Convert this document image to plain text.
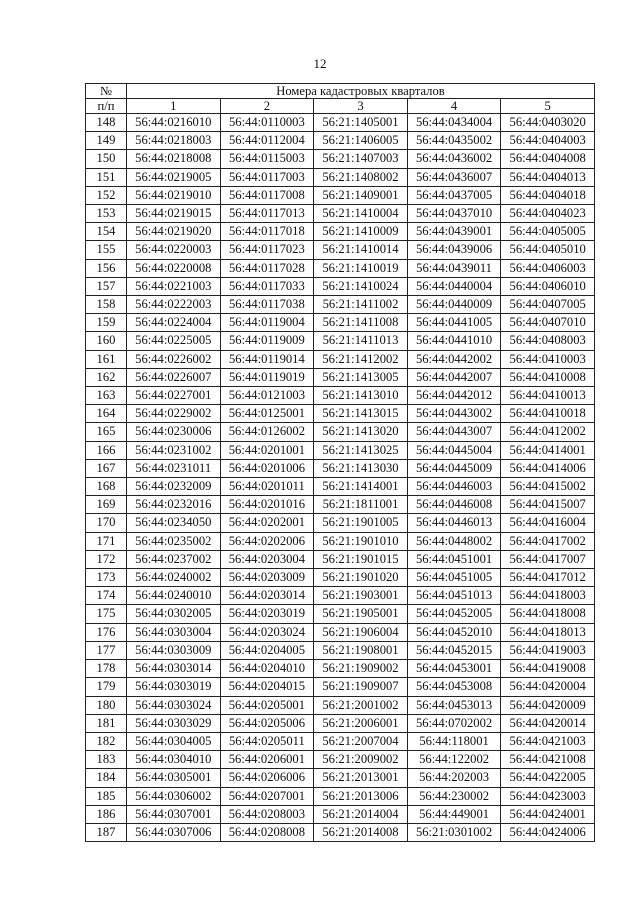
12
№	Номера кадастровых кварталов				
п/п	1	2	3	4	5
148	56:44:0216010	56:44:0110003	56:21:1405001	56:44:0434004	56:44:0403020
149	56:44:0218003	56:44:0112004	56:21:1406005	56:44:0435002	56:44:0404003
150	56:44:0218008	56:44:0115003	56:21:1407003	56:44:0436002	56:44:0404008
151	56:44:0219005	56:44:0117003	56:21:1408002	56:44:0436007	56:44:0404013
152	56:44:0219010	56:44:0117008	56:21:1409001	56:44:0437005	56:44:0404018
153	56:44:0219015	56:44:0117013	56:21:1410004	56:44:0437010	56:44:0404023
154	56:44:0219020	56:44:0117018	56:21:1410009	56:44:0439001	56:44:0405005
155	56:44:0220003	56:44:0117023	56:21:1410014	56:44:0439006	56:44:0405010
156	56:44:0220008	56:44:0117028	56:21:1410019	56:44:0439011	56:44:0406003
157	56:44:0221003	56:44:0117033	56:21:1410024	56:44:0440004	56:44:0406010
158	56:44:0222003	56:44:0117038	56:21:1411002	56:44:0440009	56:44:0407005
159	56:44:0224004	56:44:0119004	56:21:1411008	56:44:0441005	56:44:0407010
160	56:44:0225005	56:44:0119009	56:21:1411013	56:44:0441010	56:44:0408003
161	56:44:0226002	56:44:0119014	56:21:1412002	56:44:0442002	56:44:0410003
162	56:44:0226007	56:44:0119019	56:21:1413005	56:44:0442007	56:44:0410008
163	56:44:0227001	56:44:0121003	56:21:1413010	56:44:0442012	56:44:0410013
164	56:44:0229002	56:44:0125001	56:21:1413015	56:44:0443002	56:44:0410018
165	56:44:0230006	56:44:0126002	56:21:1413020	56:44:0443007	56:44:0412002
166	56:44:0231002	56:44:0201001	56:21:1413025	56:44:0445004	56:44:0414001
167	56:44:0231011	56:44:0201006	56:21:1413030	56:44:0445009	56:44:0414006
168	56:44:0232009	56:44:0201011	56:21:1414001	56:44:0446003	56:44:0415002
169	56:44:0232016	56:44:0201016	56:21:1811001	56:44:0446008	56:44:0415007
170	56:44:0234050	56:44:0202001	56:21:1901005	56:44:0446013	56:44:0416004
171	56:44:0235002	56:44:0202006	56:21:1901010	56:44:0448002	56:44:0417002
172	56:44:0237002	56:44:0203004	56:21:1901015	56:44:0451001	56:44:0417007
173	56:44:0240002	56:44:0203009	56:21:1901020	56:44:0451005	56:44:0417012
174	56:44:0240010	56:44:0203014	56:21:1903001	56:44:0451013	56:44:0418003
175	56:44:0302005	56:44:0203019	56:21:1905001	56:44:0452005	56:44:0418008
176	56:44:0303004	56:44:0203024	56:21:1906004	56:44:0452010	56:44:0418013
177	56:44:0303009	56:44:0204005	56:21:1908001	56:44:0452015	56:44:0419003
178	56:44:0303014	56:44:0204010	56:21:1909002	56:44:0453001	56:44:0419008
179	56:44:0303019	56:44:0204015	56:21:1909007	56:44:0453008	56:44:0420004
180	56:44:0303024	56:44:0205001	56:21:2001002	56:44:0453013	56:44:0420009
181	56:44:0303029	56:44:0205006	56:21:2006001	56:44:0702002	56:44:0420014
182	56:44:0304005	56:44:0205011	56:21:2007004	56:44:118001	56:44:0421003
183	56:44:0304010	56:44:0206001	56:21:2009002	56:44:122002	56:44:0421008
184	56:44:0305001	56:44:0206006	56:21:2013001	56:44:202003	56:44:0422005
185	56:44:0306002	56:44:0207001	56:21:2013006	56:44:230002	56:44:0423003
186	56:44:0307001	56:44:0208003	56:21:2014004	56:44:449001	56:44:0424001
187	56:44:0307006	56:44:0208008	56:21:2014008	56:21:0301002	56:44:0424006
